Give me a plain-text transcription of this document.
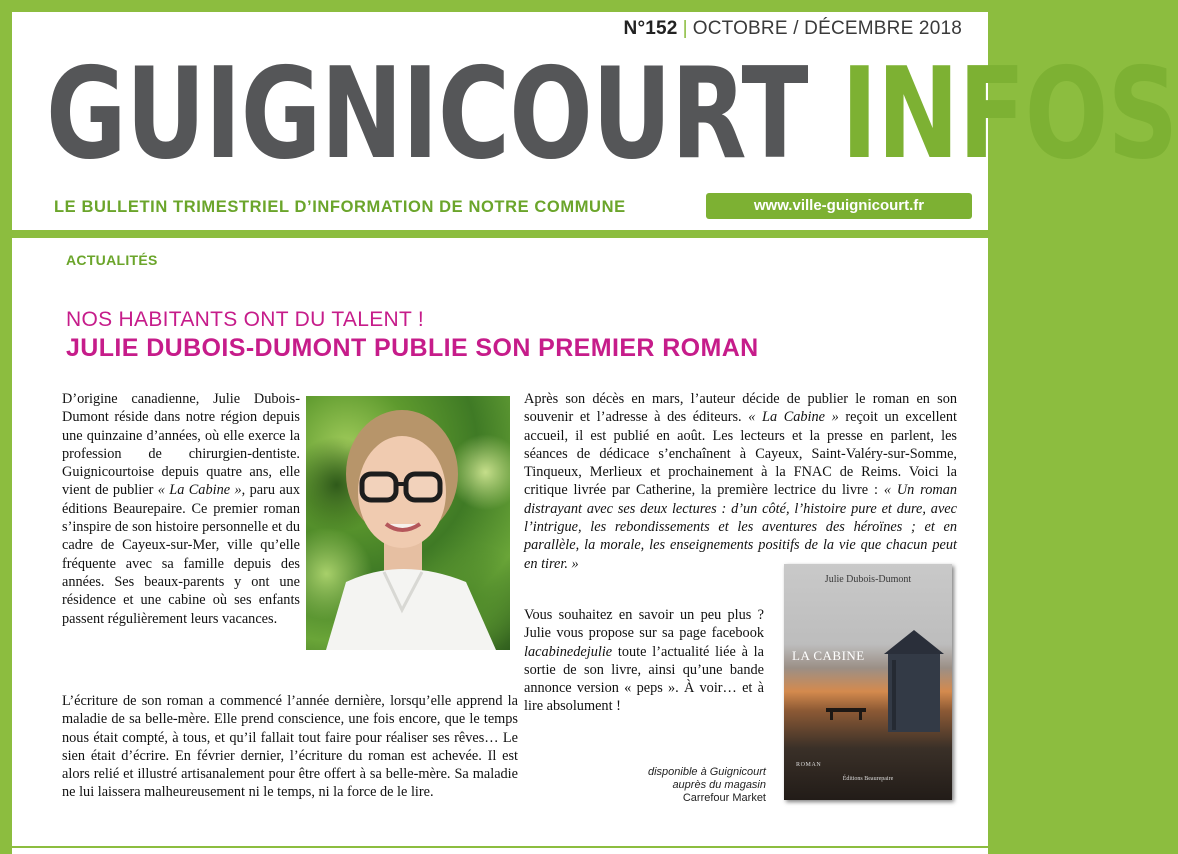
N°152 | OCTOBRE / DÉCEMBRE 2018
GUIGNICOURT INFOS
LE BULLETIN TRIMESTRIEL D’INFORMATION DE NOTRE COMMUNE	www.ville-guignicourt.fr
ACTUALITÉS
NOS HABITANTS ONT DU TALENT !
JULIE DUBOIS-DUMONT PUBLIE SON PREMIER ROMAN

D’origine canadienne, Julie Dubois-Dumont réside dans notre région depuis une quinzaine d’années, où elle exerce la profession de chirurgien-dentiste. Guignicourtoise depuis quatre ans, elle vient de publier « La Cabine », paru aux éditions Beaurepaire. Ce premier roman s’inspire de son histoire personnelle et du cadre de Cayeux-sur-Mer, ville qu’elle fréquente avec sa famille depuis des années. Ses beaux-parents y ont une résidence et une cabine où ses enfants passent régulièrement leurs vacances.

L’écriture de son roman a commencé l’année dernière, lorsqu’elle apprend la maladie de sa belle-mère. Elle prend conscience, une fois encore, que le temps nous était compté, à tous, et qu’il fallait tout faire pour réaliser ses rêves… Le sien était d’écrire. En février dernier, l’écriture du roman est achevée. Il est alors relié et illustré artisanalement pour être offert à sa belle-mère. Sa maladie ne lui laissera malheureusement ni le temps, ni la force de le lire.

Après son décès en mars, l’auteur décide de publier le roman en son souvenir et l’adresse à des éditeurs. « La Cabine » reçoit un excellent accueil, il est publié en août. Les lecteurs et la presse en parlent, les séances de dédicace s’enchaînent à Cayeux, Saint-Valéry-sur-Somme, Tinqueux, Merlieux et prochainement à la FNAC de Reims. Voici la critique livrée par Catherine, la première lectrice du livre : « Un roman distrayant avec ses deux lectures : d’un côté, l’histoire pure et dure, avec l’intrigue, les rebondissements et les aventures des héroïnes ; et en parallèle, la morale, les enseignements positifs de la vie que chacun peut en tirer. »

Vous souhaitez en savoir un peu plus ? Julie vous propose sur sa page facebook lacabinedejulie toute l’actualité liée à la sortie de son livre, ainsi qu’une bande annonce version « peps ». À voir… et à lire absolument !

Julie Dubois-Dumont
LA CABINE
ROMAN
Éditions Beaurepaire
disponible à Guignicourt
auprès du magasin
Carrefour Market
